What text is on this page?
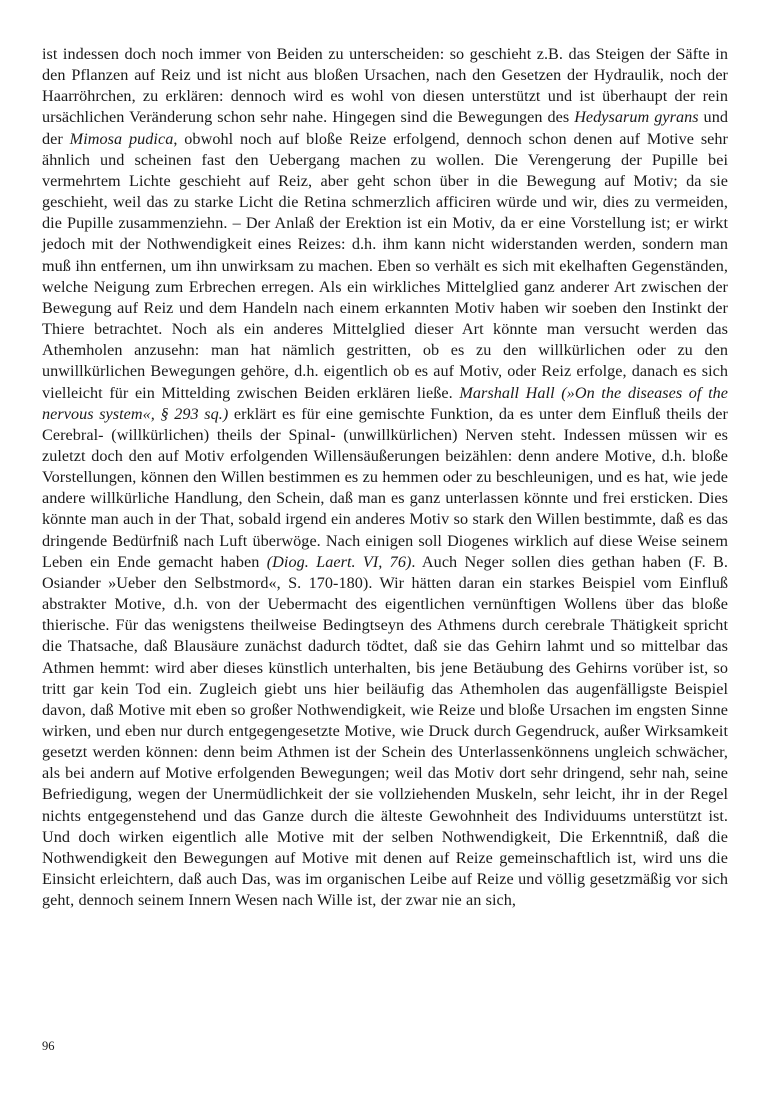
ist indessen doch noch immer von Beiden zu unterscheiden: so geschieht z.B. das Steigen der Säfte in den Pflanzen auf Reiz und ist nicht aus bloßen Ursachen, nach den Gesetzen der Hydraulik, noch der Haarröhrchen, zu erklären: dennoch wird es wohl von diesen unterstützt und ist überhaupt der rein ursächlichen Veränderung schon sehr nahe. Hingegen sind die Bewegungen des Hedysarum gyrans und der Mimosa pudica, obwohl noch auf bloße Reize erfolgend, dennoch schon denen auf Motive sehr ähnlich und scheinen fast den Uebergang machen zu wollen. Die Verengerung der Pupille bei vermehrtem Lichte geschieht auf Reiz, aber geht schon über in die Bewegung auf Motiv; da sie geschieht, weil das zu starke Licht die Retina schmerzlich afficiren würde und wir, dies zu vermeiden, die Pupille zusammenziehn. – Der Anlaß der Erektion ist ein Motiv, da er eine Vorstellung ist; er wirkt jedoch mit der Nothwendigkeit eines Reizes: d.h. ihm kann nicht widerstanden werden, sondern man muß ihn entfernen, um ihn unwirksam zu machen. Eben so verhält es sich mit ekelhaften Gegenständen, welche Neigung zum Erbrechen erregen. Als ein wirkliches Mittelglied ganz anderer Art zwischen der Bewegung auf Reiz und dem Handeln nach einem erkannten Motiv haben wir soeben den Instinkt der Thiere betrachtet. Noch als ein anderes Mittelglied dieser Art könnte man versucht werden das Athemholen anzusehn: man hat nämlich gestritten, ob es zu den willkürlichen oder zu den unwillkürlichen Bewegungen gehöre, d.h. eigentlich ob es auf Motiv, oder Reiz erfolge, danach es sich vielleicht für ein Mittelding zwischen Beiden erklären ließe. Marshall Hall (»On the diseases of the nervous system«, § 293 sq.) erklärt es für eine gemischte Funktion, da es unter dem Einfluß theils der Cerebral- (willkürlichen) theils der Spinal- (unwillkürlichen) Nerven steht. Indessen müssen wir es zuletzt doch den auf Motiv erfolgenden Willensäußerungen beizählen: denn andere Motive, d.h. bloße Vorstellungen, können den Willen bestimmen es zu hemmen oder zu beschleunigen, und es hat, wie jede andere willkürliche Handlung, den Schein, daß man es ganz unterlassen könnte und frei ersticken. Dies könnte man auch in der That, sobald irgend ein anderes Motiv so stark den Willen bestimmte, daß es das dringende Bedürfniß nach Luft überwöge. Nach einigen soll Diogenes wirklich auf diese Weise seinem Leben ein Ende gemacht haben (Diog. Laert. VI, 76). Auch Neger sollen dies gethan haben (F. B. Osiander »Ueber den Selbstmord«, S. 170-180). Wir hätten daran ein starkes Beispiel vom Einfluß abstrakter Motive, d.h. von der Uebermacht des eigentlichen vernünftigen Wollens über das bloße thierische. Für das wenigstens theilweise Bedingtseyn des Athmens durch cerebrale Thätigkeit spricht die Thatsache, daß Blausäure zunächst dadurch tödtet, daß sie das Gehirn lahmt und so mittelbar das Athmen hemmt: wird aber dieses künstlich unterhalten, bis jene Betäubung des Gehirns vorüber ist, so tritt gar kein Tod ein. Zugleich giebt uns hier beiläufig das Athemholen das augenfälligste Beispiel davon, daß Motive mit eben so großer Nothwendigkeit, wie Reize und bloße Ursachen im engsten Sinne wirken, und eben nur durch entgegengesetzte Motive, wie Druck durch Gegendruck, außer Wirksamkeit gesetzt werden können: denn beim Athmen ist der Schein des Unterlassenkönnens ungleich schwächer, als bei andern auf Motive erfolgenden Bewegungen; weil das Motiv dort sehr dringend, sehr nah, seine Befriedigung, wegen der Unermüdlichkeit der sie vollziehenden Muskeln, sehr leicht, ihr in der Regel nichts entgegenstehend und das Ganze durch die älteste Gewohnheit des Individuums unterstützt ist. Und doch wirken eigentlich alle Motive mit der selben Nothwendigkeit, Die Erkenntniß, daß die Nothwendigkeit den Bewegungen auf Motive mit denen auf Reize gemeinschaftlich ist, wird uns die Einsicht erleichtern, daß auch Das, was im organischen Leibe auf Reize und völlig gesetzmäßig vor sich geht, dennoch seinem Innern Wesen nach Wille ist, der zwar nie an sich,

96
